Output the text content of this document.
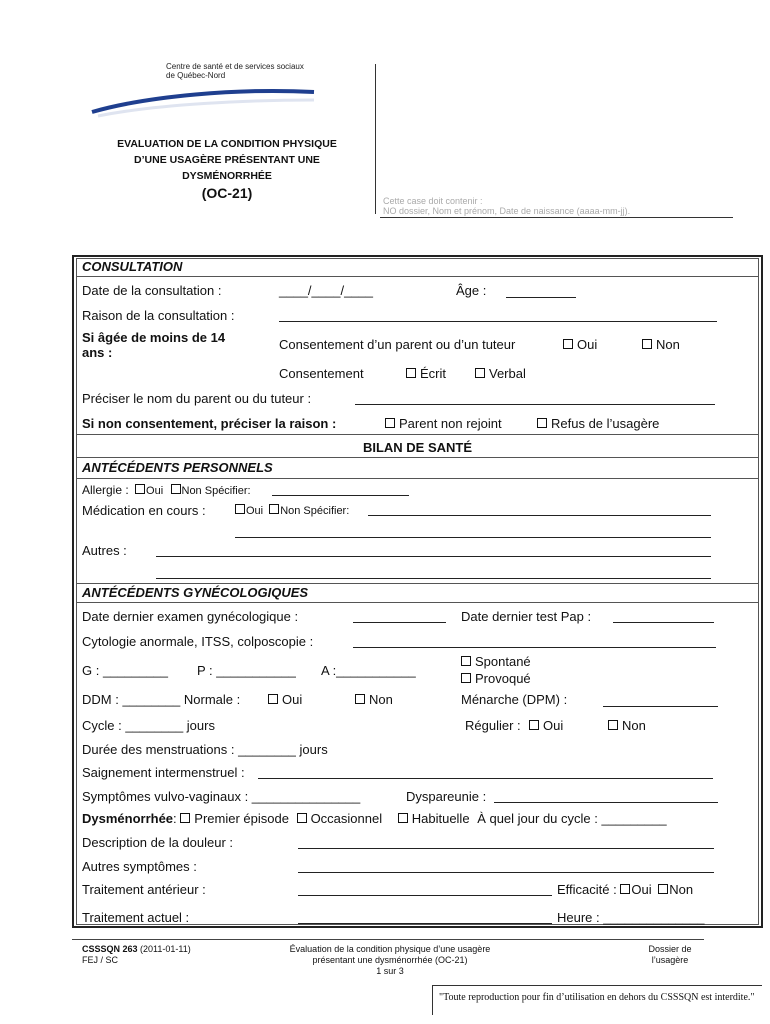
Centre de santé et de services sociaux
de Québec-Nord
EVALUATION DE LA CONDITION PHYSIQUE
D’UNE USAGÈRE PRÉSENTANT UNE
DYSMÉNORRHÉE
(OC-21)	Cette case doit contenir :
NO dossier, Nom et prénom, Date de naissance (aaaa-mm-jj).
CONSULTATION
Date de la consultation :	____/____/____	Âge :
Raison de la consultation :
Si âgée de moins de 14
ans :
Consentement d’un parent ou d’un tuteur	Oui	Non
Consentement	Écrit	Verbal
Préciser le nom du parent ou du tuteur :
Si non consentement, préciser la raison :	Parent non rejoint	Refus de l’usagère
BILAN DE SANTÉ
ANTÉCÉDENTS PERSONNELS
Allergie : Oui Non Spécifier:
Médication en cours :	Oui Non Spécifier:
Autres :
ANTÉCÉDENTS GYNÉCOLOGIQUES
Date dernier examen gynécologique :	Date dernier test Pap :
Cytologie anormale, ITSS, colposcopie :
G : _________ P : ___________ A :___________
Spontané
Provoqué
DDM : ________ Normale :	Oui	Non	Ménarche (DPM) :
Cycle : ________ jours	Régulier :	Oui	Non
Durée des menstruations : ________ jours
Saignement intermenstruel :
Symptômes vulvo-vaginaux : _______________	Dyspareunie :
Dysménorrhée: Premier épisode Occasionnel Habituelle À quel jour du cycle : _________
Description de la douleur :
Autres symptômes :
Traitement antérieur :	Efficacité : Oui Non
Traitement actuel :	Heure : ______________
CSSSQN 263 (2011-01-11)
FEJ / SC
Évaluation de la condition physique d’une usagère
présentant une dysménorrhée (OC-21)
1 sur 3
Dossier de
l’usagère
"Toute reproduction pour fin d’utilisation en dehors du CSSSQN est interdite."
